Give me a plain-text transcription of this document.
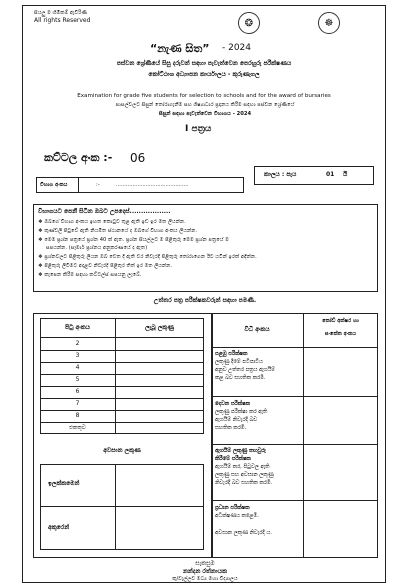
සියලු ම හිමිකම් ඇවිරිණි
All rights Reserved	❂	☸
“නැණ සිත” - 2024
පස්වන ශ්‍රේණියේ සිසු දරුවන් සඳහා පැවැත්වෙන පෙරහුරු පරීක්ෂණය
කෝට්ඨාශ අධ්‍යාපන කාර්යාලය - කුරුණෑගල
Examination for grade five students for selection to schools and for the award of bursaries
පාසල්වලට සිසුන් තෝරාගැනීම සහ ශිෂ්‍යාධාර ප්‍රදානය කිරීම සඳහා පස්වන ශ්‍රේණියේ
සිසුන් සඳහා පැවැත්වෙන විභාගය - 2024
I පත්‍රය
කට්ටල අංක :- 06
කාලය : පැය	01 යි
විභාග අංකය	:-	............................................
විභාගයට පෙනී සිටින ඔබට උපදෙස්..................
❖ ඔබගේ විභාග අංකය ඉහත කොටුව තුළ ඇති ඉඩ ඉර මත ලියන්න.
❖ කුණ්ඩලී පිටුවේ ඇති නියමිත ස්ථානයේ ද ඔබගේ විභාග අංකය ලියන්න.
❖ මෙම ප්‍රශ්න පත්‍රයේ ප්‍රශ්න 40 ක් ඇත. ප්‍රශ්න සියල්ලට ම පිළිතුරු මෙම ප්‍රශ්න පත්‍රයේ ම
සපයන්න. (සෑමාර් ප්‍රශ්නය අනුකරණයේ ද ඇත)
❖ ප්‍රශ්නවලට පිළිතුරු ලියන ඔබ වෙත දී ඇති වර නිවැරදි පිළිතුරු තෝරාගෙන ඊට යටින් ඉරක් අඳින්න.
❖ පිළිතුරු ලිවීමට අදාළව නිවැරදි පිළිතුර තිත් ඉර මත ලියන්න.
❖ කැපෙන කිරීම සඳහා කට්ටල්ස් සපයනු ලැබේ.
උත්තර පත්‍ර පරීක්ෂකවරුන් සඳහා පමණි.
පිටු අංකය	ලැබූ ලකුණු
2
3
4
5
6
7
8
එකතුව
අවසාන ලකුණ
ඉලක්කමෙන්
අකුරෙන්
විධි අංකය
කෝඩ් අක්ෂර හා
සංකේත අංකය
පළමු පරීක්ෂක
ලකුණු දීමේ පටිපාටිය
අනුව උත්තර පත්‍රය ඇගයීම්
කළ බව සහතික කරමි.
දෙවන පරීක්ෂක
ලකුණු පරීක්ෂා කර ඇති
ඇගයීම් නිවැරදි බව
සහතික කරමි.
ඇගයීම් ලකුණු තහවුරු
කිරීමේ පරීක්ෂක
ඇගයීම් කර, පිටුවල ඇති
ලකුණු සහ අවසාන ලකුණු
නිවැරදි බව සහතික කරමි.
ප්‍රධාන පරීක්ෂක
අධීක්ෂණය කළෙමි.
අවසාන ලකුණ නිවැරදි ය.
සැකසුම
නන්දන රත්නායක
කු/වැල්ලව මධ්‍ය මහා විද්‍යාලය
